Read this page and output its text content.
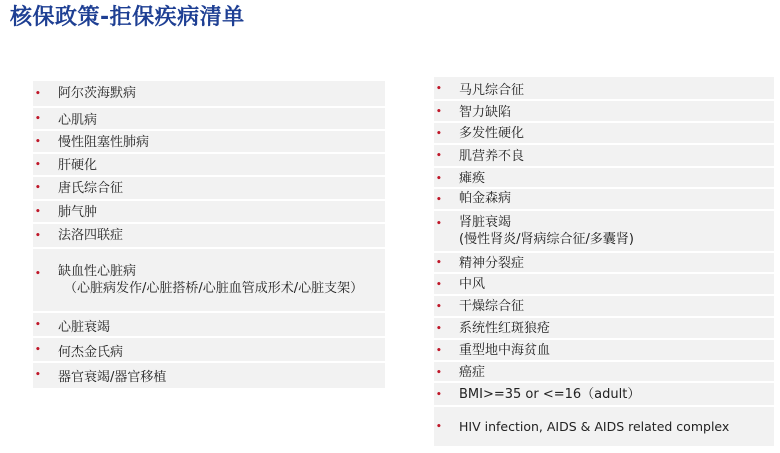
核保政策-拒保疾病清单
• 阿尔茨海默病
• 心肌病
• 慢性阻塞性肺病
• 肝硬化
• 唐氏综合征
• 肺气肿
• 法洛四联症
• 缺血性心脏病
（心脏病发作/心脏搭桥/心脏血管成形术/心脏支架）
• 心脏衰竭
• 何杰金氏病
• 器官衰竭/器官移植
• 马凡综合征
• 智力缺陷
• 多发性硬化
• 肌营养不良
• 瘫痪
• 帕金森病
• 肾脏衰竭
(慢性肾炎/肾病综合征/多囊肾)
• 精神分裂症
• 中风
• 干燥综合征
• 系统性红斑狼疮
• 重型地中海贫血
• 癌症
• BMI>=35 or <=16（adult）
• HIV infection, AIDS & AIDS related complex
